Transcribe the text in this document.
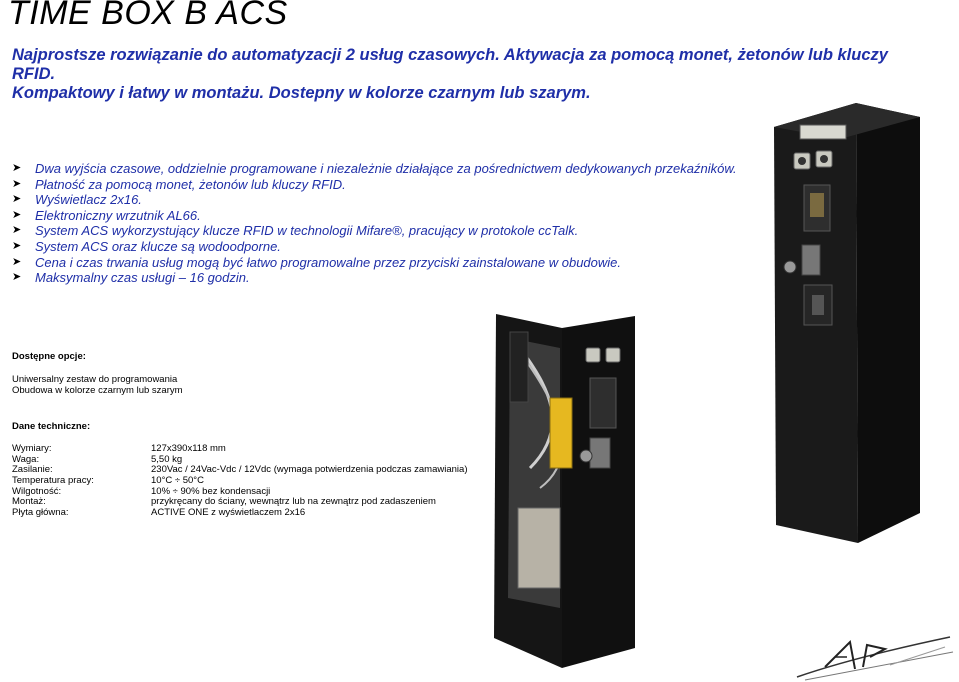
TIME BOX B ACS
Najprostsze rozwiązanie do automatyzacji 2 usług czasowych. Aktywacja za pomocą monet, żetonów lub kluczy RFID.
Kompaktowy i łatwy w montażu. Dostepny w kolorze czarnym lub szarym.
➤ Dwa wyjścia czasowe, oddzielnie programowane i niezależnie działające za pośrednictwem dedykowanych przekaźników.
➤ Płatność za pomocą monet, żetonów lub kluczy RFID.
➤ Wyświetlacz 2x16.
➤ Elektroniczny wrzutnik AL66.
➤ System ACS wykorzystujący klucze RFID w technologii Mifare®, pracujący w protokole ccTalk.
➤ System ACS oraz klucze są wodoodporne.
➤ Cena i czas trwania usług mogą być łatwo programowalne przez przyciski zainstalowane w obudowie.
➤ Maksymalny czas usługi – 16 godzin.
Dostępne opcje:
Uniwersalny zestaw do programowania
Obudowa w kolorze czarnym lub szarym
Dane techniczne:
Wymiary:	127x390x118 mm
Waga:	5,50 kg
Zasilanie:	230Vac / 24Vac-Vdc / 12Vdc (wymaga potwierdzenia podczas zamawiania)
Temperatura pracy:	10°C ÷ 50°C
Wilgotność:	10% ÷ 90% bez kondensacji
Montaż:	przykręcany do ściany, wewnątrz lub na zewnątrz pod zadaszeniem
Płyta główna:	ACTIVE ONE z wyświetlaczem 2x16
